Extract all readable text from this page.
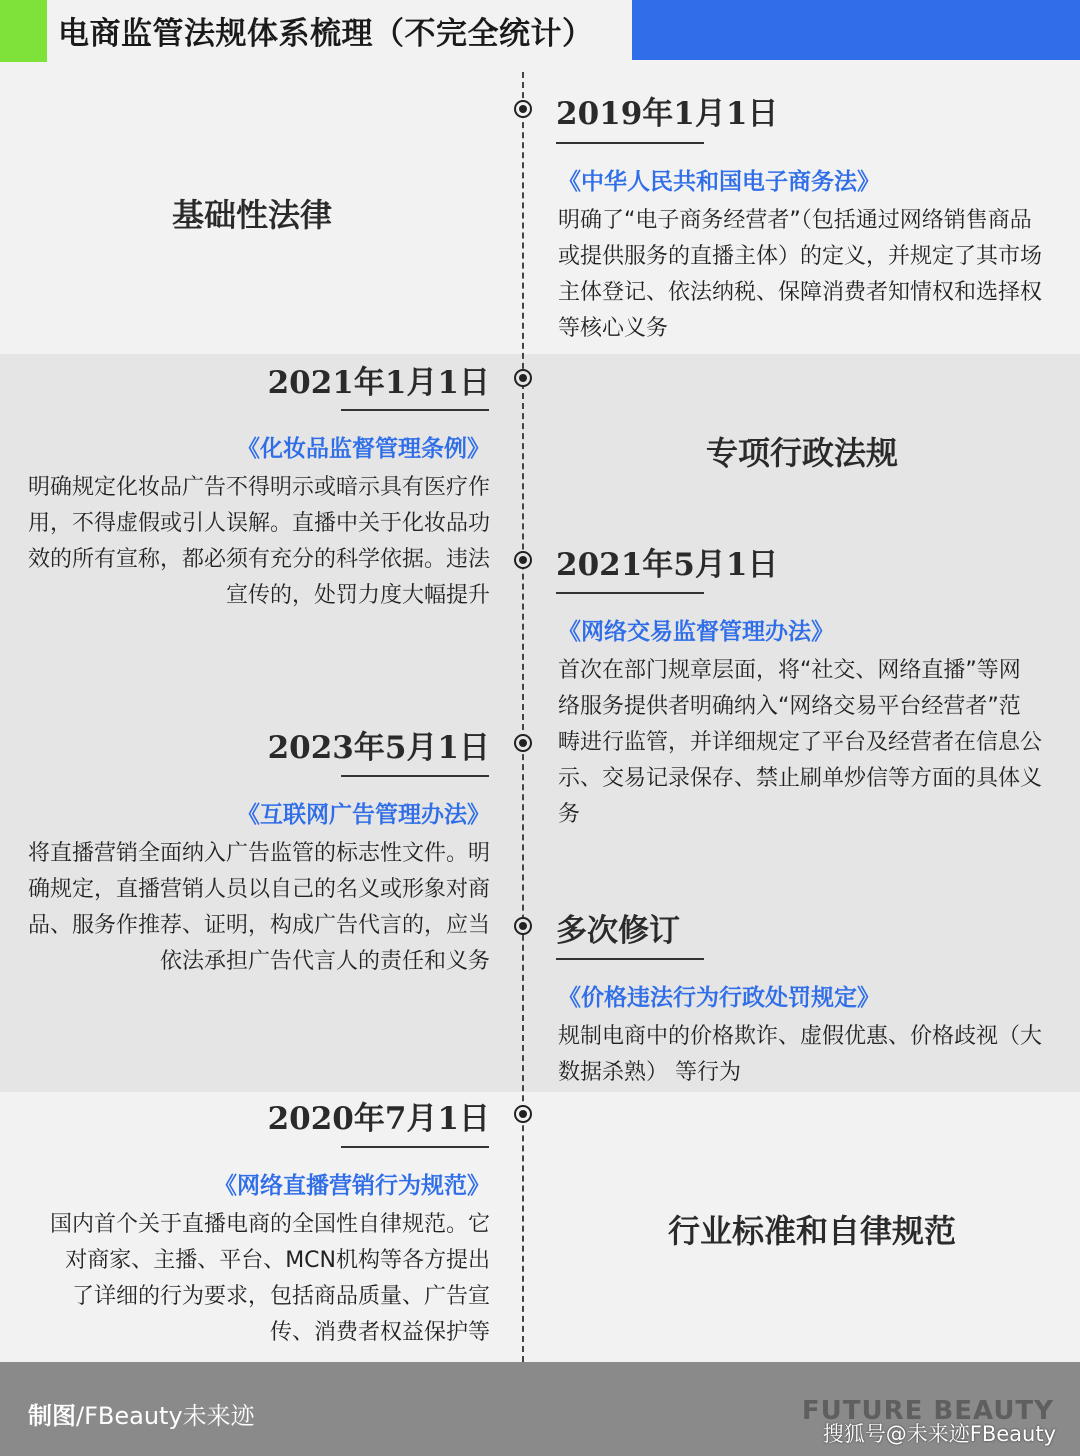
电商监管法规体系梳理（不完全统计）
基础性法律
专项行政法规
行业标准和自律规范
2019年1月1日
《中华人民共和国电子商务法》
明确了“电子商务经营者”（包括通过网络销售商品或提供服务的直播主体）的定义，并规定了其市场主体登记、依法纳税、保障消费者知情权和选择权等核心义务
2021年1月1日
《化妆品监督管理条例》
明确规定化妆品广告不得明示或暗示具有医疗作用，不得虚假或引人误解。直播中关于化妆品功效的所有宣称，都必须有充分的科学依据。违法宣传的，处罚力度大幅提升
2021年5月1日
《网络交易监督管理办法》
首次在部门规章层面，将“社交、网络直播”等网络服务提供者明确纳入“网络交易平台经营者”范畴进行监管，并详细规定了平台及经营者在信息公示、交易记录保存、禁止刷单炒信等方面的具体义务
2023年5月1日
《互联网广告管理办法》
将直播营销全面纳入广告监管的标志性文件。明确规定，直播营销人员以自己的名义或形象对商品、服务作推荐、证明，构成广告代言的，应当依法承担广告代言人的责任和义务
多次修订
《价格违法行为行政处罚规定》
规制电商中的价格欺诈、虚假优惠、价格歧视（大数据杀熟） 等行为
2020年7月1日
《网络直播营销行为规范》
国内首个关于直播电商的全国性自律规范。它对商家、主播、平台、MCN机构等各方提出了详细的行为要求，包括商品质量、广告宣传、消费者权益保护等
制图/FBeauty未来迹	FUTURE BEAUTY
搜狐号@未来迹FBeauty
